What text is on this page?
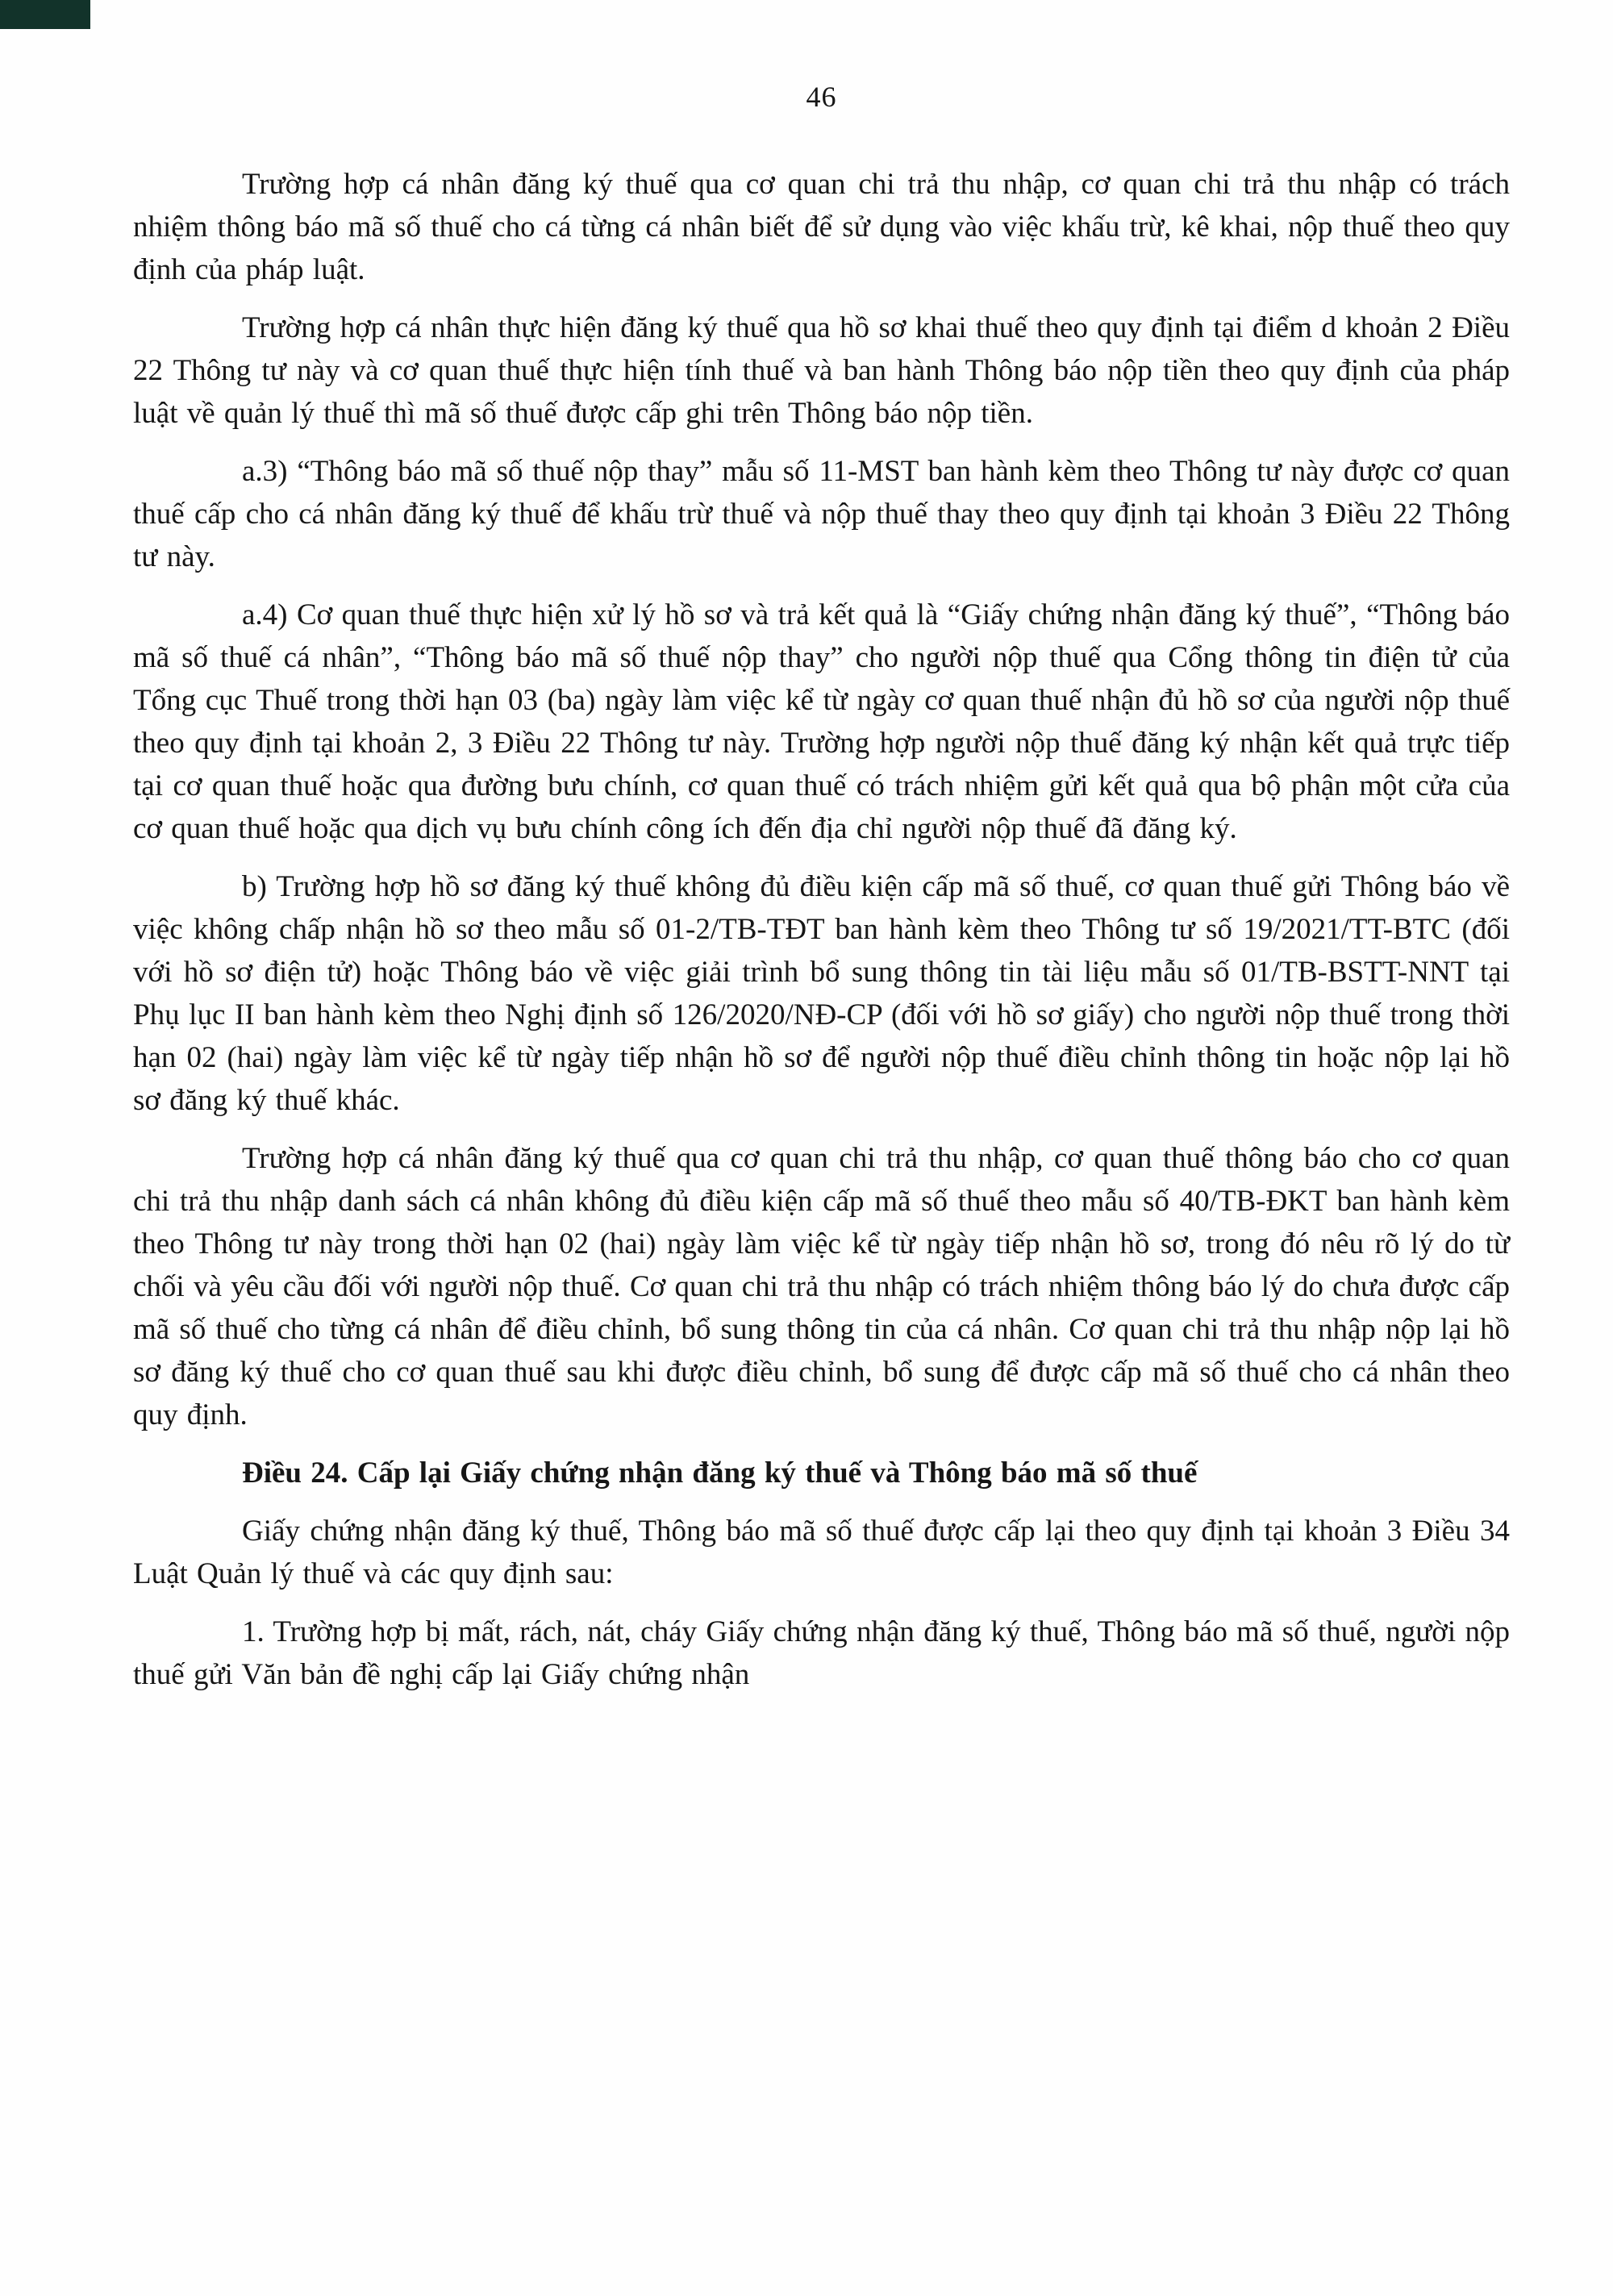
46

Trường hợp cá nhân đăng ký thuế qua cơ quan chi trả thu nhập, cơ quan chi trả thu nhập có trách nhiệm thông báo mã số thuế cho cá từng cá nhân biết để sử dụng vào việc khấu trừ, kê khai, nộp thuế theo quy định của pháp luật.

Trường hợp cá nhân thực hiện đăng ký thuế qua hồ sơ khai thuế theo quy định tại điểm d khoản 2 Điều 22 Thông tư này và cơ quan thuế thực hiện tính thuế và ban hành Thông báo nộp tiền theo quy định của pháp luật về quản lý thuế thì mã số thuế được cấp ghi trên Thông báo nộp tiền.

a.3) “Thông báo mã số thuế nộp thay” mẫu số 11-MST ban hành kèm theo Thông tư này được cơ quan thuế cấp cho cá nhân đăng ký thuế để khấu trừ thuế và nộp thuế thay theo quy định tại khoản 3 Điều 22 Thông tư này.

a.4) Cơ quan thuế thực hiện xử lý hồ sơ và trả kết quả là “Giấy chứng nhận đăng ký thuế”, “Thông báo mã số thuế cá nhân”, “Thông báo mã số thuế nộp thay” cho người nộp thuế qua Cổng thông tin điện tử của Tổng cục Thuế trong thời hạn 03 (ba) ngày làm việc kể từ ngày cơ quan thuế nhận đủ hồ sơ của người nộp thuế theo quy định tại khoản 2, 3 Điều 22 Thông tư này. Trường hợp người nộp thuế đăng ký nhận kết quả trực tiếp tại cơ quan thuế hoặc qua đường bưu chính, cơ quan thuế có trách nhiệm gửi kết quả qua bộ phận một cửa của cơ quan thuế hoặc qua dịch vụ bưu chính công ích đến địa chỉ người nộp thuế đã đăng ký.

b) Trường hợp hồ sơ đăng ký thuế không đủ điều kiện cấp mã số thuế, cơ quan thuế gửi Thông báo về việc không chấp nhận hồ sơ theo mẫu số 01-2/TB-TĐT ban hành kèm theo Thông tư số 19/2021/TT-BTC (đối với hồ sơ điện tử) hoặc Thông báo về việc giải trình bổ sung thông tin tài liệu mẫu số 01/TB-BSTT-NNT tại Phụ lục II ban hành kèm theo Nghị định số 126/2020/NĐ-CP (đối với hồ sơ giấy) cho người nộp thuế trong thời hạn 02 (hai) ngày làm việc kể từ ngày tiếp nhận hồ sơ để người nộp thuế điều chỉnh thông tin hoặc nộp lại hồ sơ đăng ký thuế khác.

Trường hợp cá nhân đăng ký thuế qua cơ quan chi trả thu nhập, cơ quan thuế thông báo cho cơ quan chi trả thu nhập danh sách cá nhân không đủ điều kiện cấp mã số thuế theo mẫu số 40/TB-ĐKT ban hành kèm theo Thông tư này trong thời hạn 02 (hai) ngày làm việc kể từ ngày tiếp nhận hồ sơ, trong đó nêu rõ lý do từ chối và yêu cầu đối với người nộp thuế. Cơ quan chi trả thu nhập có trách nhiệm thông báo lý do chưa được cấp mã số thuế cho từng cá nhân để điều chỉnh, bổ sung thông tin của cá nhân. Cơ quan chi trả thu nhập nộp lại hồ sơ đăng ký thuế cho cơ quan thuế sau khi được điều chỉnh, bổ sung để được cấp mã số thuế cho cá nhân theo quy định.

Điều 24. Cấp lại Giấy chứng nhận đăng ký thuế và Thông báo mã số thuế

Giấy chứng nhận đăng ký thuế, Thông báo mã số thuế được cấp lại theo quy định tại khoản 3 Điều 34 Luật Quản lý thuế và các quy định sau:

1. Trường hợp bị mất, rách, nát, cháy Giấy chứng nhận đăng ký thuế, Thông báo mã số thuế, người nộp thuế gửi Văn bản đề nghị cấp lại Giấy chứng nhận
